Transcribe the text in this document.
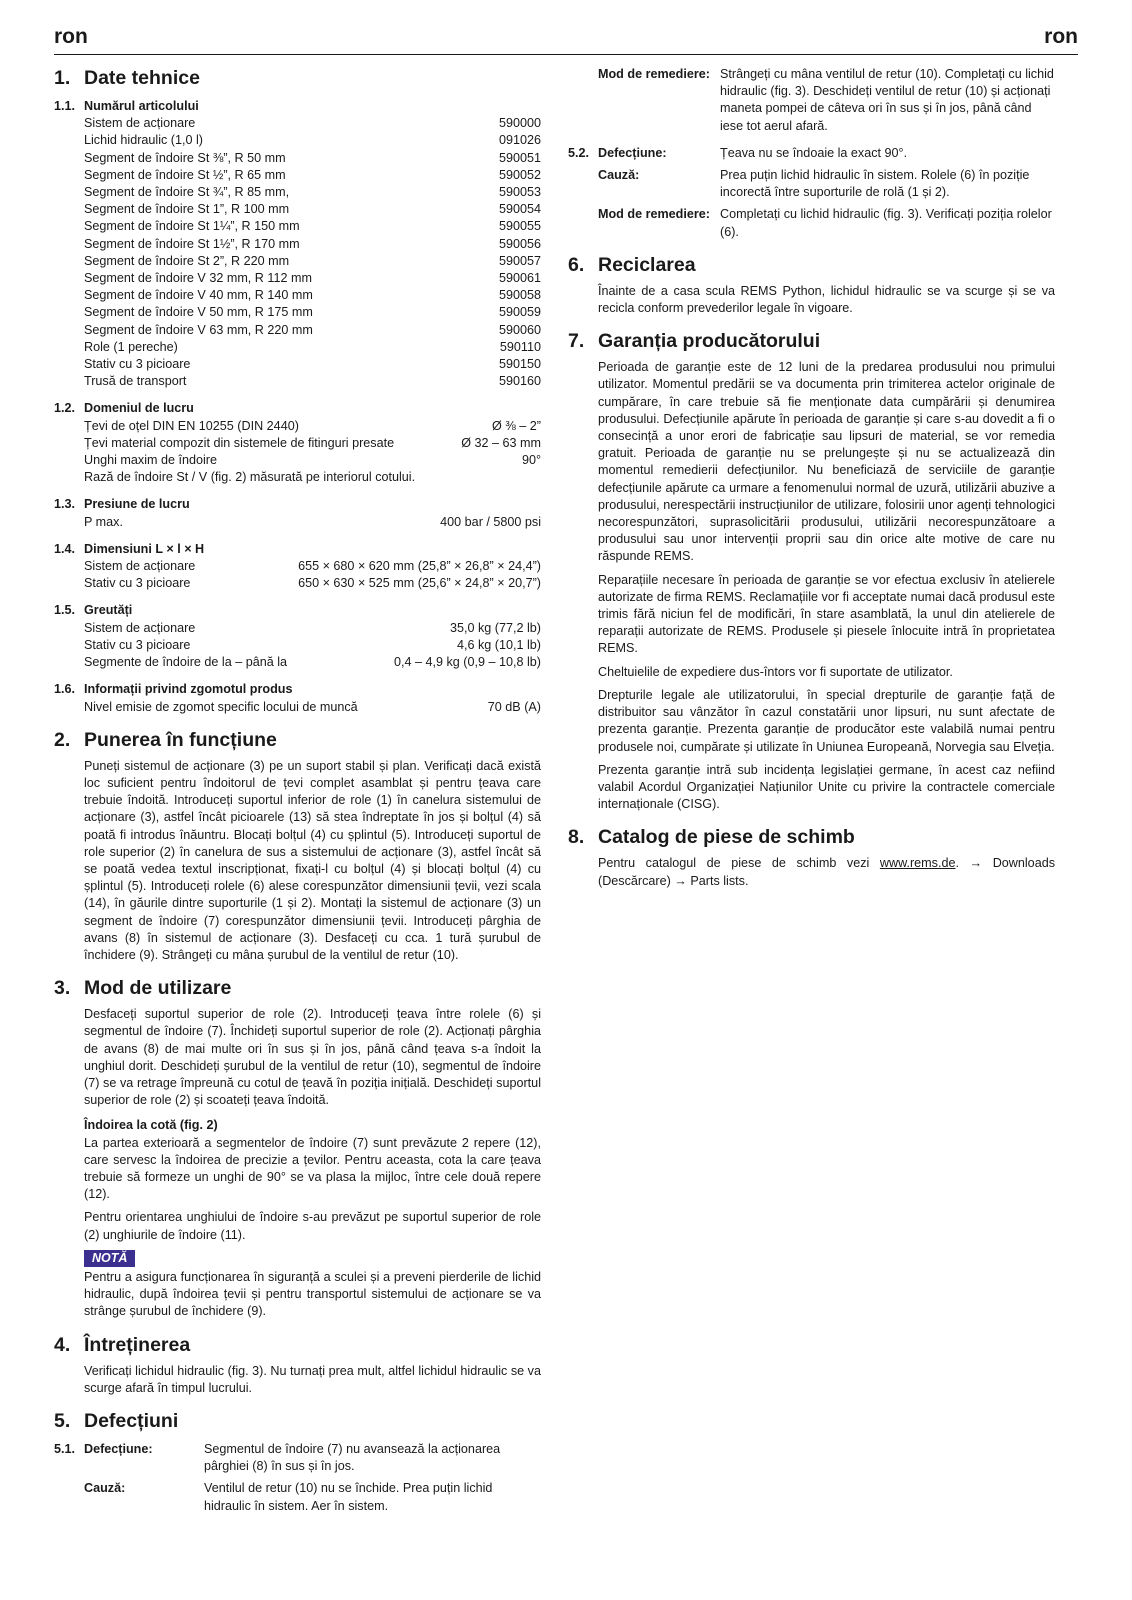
ron	ron
1. Date tehnice
1.1. Numărul articolului
Sistem de acționare	590000
Lichid hidraulic (1,0 l)	091026
Segment de îndoire St ⅜”, R 50 mm	590051
Segment de îndoire St ½”, R 65 mm	590052
Segment de îndoire St ¾”, R 85 mm,	590053
Segment de îndoire St 1”, R 100 mm	590054
Segment de îndoire St 1¼”, R 150 mm	590055
Segment de îndoire St 1½”, R 170 mm	590056
Segment de îndoire St 2”, R 220 mm	590057
Segment de îndoire V 32 mm, R 112 mm	590061
Segment de îndoire V 40 mm, R 140 mm	590058
Segment de îndoire V 50 mm, R 175 mm	590059
Segment de îndoire V 63 mm, R 220 mm	590060
Role (1 pereche)	590110
Stativ cu 3 picioare	590150
Trusă de transport	590160
1.2. Domeniul de lucru
Țevi de oțel DIN EN 10255 (DIN 2440)	Ø ⅜ – 2”
Țevi material compozit din sistemele de fitinguri presate	Ø 32 – 63 mm
Unghi maxim de îndoire	90°
Rază de îndoire St / V (fig. 2) măsurată pe interiorul cotului.
1.3. Presiune de lucru
P max.	400 bar / 5800 psi
1.4. Dimensiuni L × l × H
Sistem de acționare	655 × 680 × 620 mm (25,8” × 26,8” × 24,4”)
Stativ cu 3 picioare	650 × 630 × 525 mm (25,6” × 24,8” × 20,7”)
1.5. Greutăți
Sistem de acționare	35,0 kg (77,2 lb)
Stativ cu 3 picioare	4,6 kg (10,1 lb)
Segmente de îndoire de la – până la	0,4 – 4,9 kg (0,9 – 10,8 lb)
1.6. Informații privind zgomotul produs
Nivel emisie de zgomot specific locului de muncă	70 dB (A)
2. Punerea în funcțiune
Puneți sistemul de acționare (3) pe un suport stabil și plan. Verificați dacă există loc suficient pentru îndoitorul de țevi complet asamblat și pentru țeava care trebuie îndoită. Introduceți suportul inferior de role (1) în canelura sistemului de acționare (3), astfel încât picioarele (13) să stea îndreptate în jos și bolțul (4) să poată fi introdus înăuntru. Blocați bolțul (4) cu șplintul (5). Introduceți suportul de role superior (2) în canelura de sus a sistemului de acționare (3), astfel încât să se poată vedea textul inscripționat, fixați-l cu bolțul (4) și blocați bolțul (4) cu șplintul (5). Introduceți rolele (6) alese corespunzător dimensiunii țevii, vezi scala (14), în găurile dintre suporturile (1 și 2). Montați la sistemul de acționare (3) un segment de îndoire (7) corespunzător dimensiunii țevii. Introduceți pârghia de avans (8) în sistemul de acționare (3). Desfaceți cu cca. 1 tură șurubul de închidere (9). Strângeți cu mâna șurubul de la ventilul de retur (10).
3. Mod de utilizare
Desfaceți suportul superior de role (2). Introduceți țeava între rolele (6) și segmentul de îndoire (7). Închideți suportul superior de role (2). Acționați pârghia de avans (8) de mai multe ori în sus și în jos, până când țeava s-a îndoit la unghiul dorit. Deschideți șurubul de la ventilul de retur (10), segmentul de îndoire (7) se va retrage împreună cu cotul de țeavă în poziția inițială. Deschideți suportul superior de role (2) și scoateți țeava îndoită.
Îndoirea la cotă (fig. 2)
La partea exterioară a segmentelor de îndoire (7) sunt prevăzute 2 repere (12), care servesc la îndoirea de precizie a țevilor. Pentru aceasta, cota la care țeava trebuie să formeze un unghi de 90° se va plasa la mijloc, între cele două repere (12).
Pentru orientarea unghiului de îndoire s-au prevăzut pe suportul superior de role (2) unghiurile de îndoire (11).
NOTĂ
Pentru a asigura funcționarea în siguranță a sculei și a preveni pierderile de lichid hidraulic, după îndoirea țevii și pentru transportul sistemului de acționare se va strânge șurubul de închidere (9).
4. Întreținerea
Verificați lichidul hidraulic (fig. 3). Nu turnați prea mult, altfel lichidul hidraulic se va scurge afară în timpul lucrului.
5. Defecțiuni
5.1. Defecțiune:	Segmentul de îndoire (7) nu avansează la acționarea pârghiei (8) în sus și în jos.
Cauză:	Ventilul de retur (10) nu se închide. Prea puțin lichid hidraulic în sistem. Aer în sistem.
Mod de remediere: Strângeți cu mâna ventilul de retur (10). Completați cu lichid hidraulic (fig. 3). Deschideți ventilul de retur (10) și acționați maneta pompei de câteva ori în sus și în jos, până când iese tot aerul afară.
5.2. Defecțiune:	Țeava nu se îndoaie la exact 90°.
Cauză:	Prea puțin lichid hidraulic în sistem. Rolele (6) în poziție incorectă între suporturile de rolă (1 și 2).
Mod de remediere: Completați cu lichid hidraulic (fig. 3). Verificați poziția rolelor (6).
6. Reciclarea
Înainte de a casa scula REMS Python, lichidul hidraulic se va scurge și se va recicla conform prevederilor legale în vigoare.
7. Garanția producătorului
Perioada de garanție este de 12 luni de la predarea produsului nou primului utilizator. Momentul predării se va documenta prin trimiterea actelor originale de cumpărare, în care trebuie să fie menționate data cumpărării și denumirea produsului. Defecțiunile apărute în perioada de garanție și care s-au dovedit a fi o consecință a unor erori de fabricație sau lipsuri de material, se vor remedia gratuit. Perioada de garanție nu se prelungește și nu se actualizează din momentul remedierii defecțiunilor. Nu beneficiază de serviciile de garanție defecțiunile apărute ca urmare a fenomenului normal de uzură, utilizării abuzive a produsului, nerespectării instrucțiunilor de utilizare, folosirii unor agenți tehnologici necorespunzători, suprasolicitării produsului, utilizării necorespunzătoare a produsului sau unor intervenții proprii sau din orice alte motive de care nu răspunde REMS.
Reparațiile necesare în perioada de garanție se vor efectua exclusiv în atelierele autorizate de firma REMS. Reclamațiile vor fi acceptate numai dacă produsul este trimis fără niciun fel de modificări, în stare asamblată, la unul din atelierele de reparații autorizate de REMS. Produsele și piesele înlocuite intră în proprietatea REMS.
Cheltuielile de expediere dus-întors vor fi suportate de utilizator.
Drepturile legale ale utilizatorului, în special drepturile de garanție față de distribuitor sau vânzător în cazul constatării unor lipsuri, nu sunt afectate de prezenta garanție. Prezenta garanție de producător este valabilă numai pentru produsele noi, cumpărate și utilizate în Uniunea Europeană, Norvegia sau Elveția.
Prezenta garanție intră sub incidența legislației germane, în acest caz nefiind valabil Acordul Organizației Națiunilor Unite cu privire la contractele comerciale internaționale (CISG).
8. Catalog de piese de schimb
Pentru catalogul de piese de schimb vezi www.rems.de. → Downloads (Descărcare) → Parts lists.
